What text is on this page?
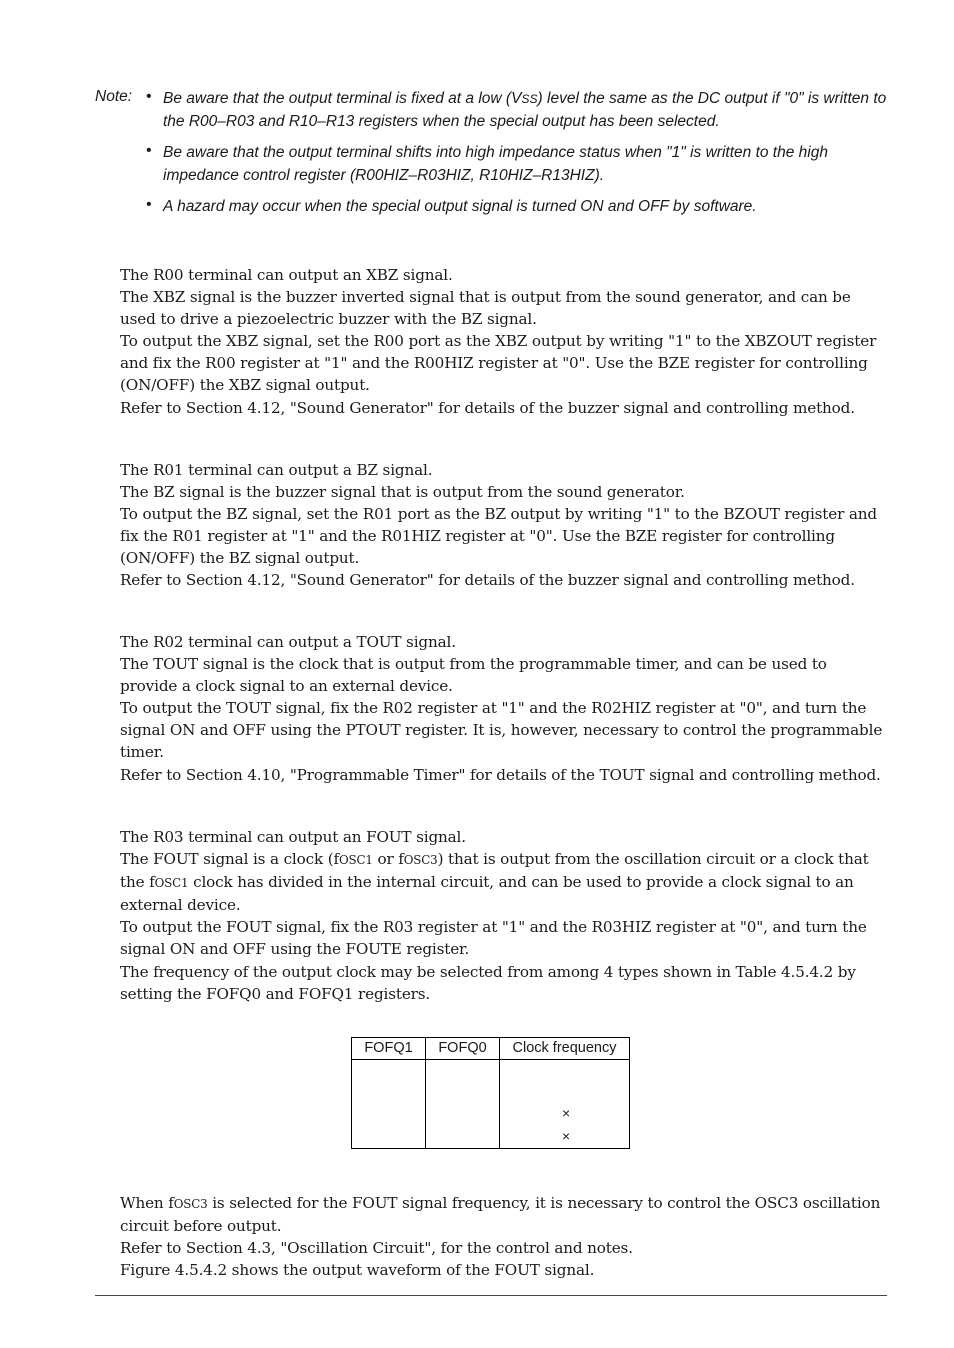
Note: • Be aware that the output terminal is fixed at a low (VSS) level the same as the DC output if "0" is written to the R00–R03 and R10–R13 registers when the special output has been selected.
• Be aware that the output terminal shifts into high impedance status when "1" is written to the high impedance control register (R00HIZ–R03HIZ, R10HIZ–R13HIZ).
• A hazard may occur when the special output signal is turned ON and OFF by software.

The R00 terminal can output an XBZ signal.

The XBZ signal is the buzzer inverted signal that is output from the sound generator, and can be used to drive a piezoelectric buzzer with the BZ signal.

To output the XBZ signal, set the R00 port as the XBZ output by writing "1" to the XBZOUT register and fix the R00 register at "1" and the R00HIZ register at "0". Use the BZE register for controlling (ON/OFF) the XBZ signal output.

Refer to Section 4.12, "Sound Generator" for details of the buzzer signal and controlling method.

The R01 terminal can output a BZ signal.

The BZ signal is the buzzer signal that is output from the sound generator.

To output the BZ signal, set the R01 port as the BZ output by writing "1" to the BZOUT register and fix the R01 register at "1" and the R01HIZ register at "0". Use the BZE register for controlling (ON/OFF) the BZ signal output.

Refer to Section 4.12, "Sound Generator" for details of the buzzer signal and controlling method.

The R02 terminal can output a TOUT signal.

The TOUT signal is the clock that is output from the programmable timer, and can be used to provide a clock signal to an external device.

To output the TOUT signal, fix the R02 register at "1" and the R02HIZ register at "0", and turn the signal ON and OFF using the PTOUT register. It is, however, necessary to control the programmable timer.

Refer to Section 4.10, "Programmable Timer" for details of the TOUT signal and controlling method.

The R03 terminal can output an FOUT signal.

The FOUT signal is a clock (fOSC1 or fOSC3) that is output from the oscillation circuit or a clock that the fOSC1 clock has divided in the internal circuit, and can be used to provide a clock signal to an external device.

To output the FOUT signal, fix the R03 register at "1" and the R03HIZ register at "0", and turn the signal ON and OFF using the FOUTE register.

The frequency of the output clock may be selected from among 4 types shown in Table 4.5.4.2 by setting the FOFQ0 and FOFQ1 registers.

FOFQ1	FOFQ0	Clock frequency
×
×

When fOSC3 is selected for the FOUT signal frequency, it is necessary to control the OSC3 oscillation circuit before output.

Refer to Section 4.3, "Oscillation Circuit", for the control and notes.

Figure 4.5.4.2 shows the output waveform of the FOUT signal.
